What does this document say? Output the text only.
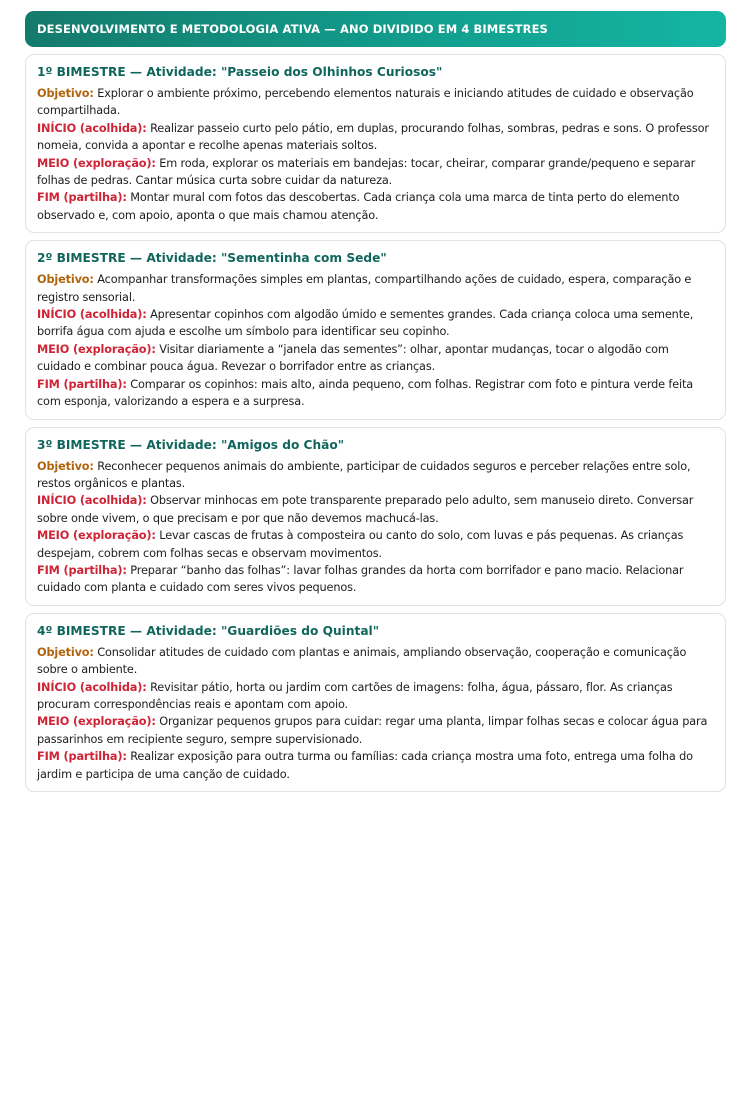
DESENVOLVIMENTO E METODOLOGIA ATIVA — ANO DIVIDIDO EM 4 BIMESTRES
1º BIMESTRE — Atividade: "Passeio dos Olhinhos Curiosos"

Objetivo: Explorar o ambiente próximo, percebendo elementos naturais e iniciando atitudes de cuidado e observação compartilhada.

INÍCIO (acolhida): Realizar passeio curto pelo pátio, em duplas, procurando folhas, sombras, pedras e sons. O professor nomeia, convida a apontar e recolhe apenas materiais soltos.

MEIO (exploração): Em roda, explorar os materiais em bandejas: tocar, cheirar, comparar grande/pequeno e separar folhas de pedras. Cantar música curta sobre cuidar da natureza.

FIM (partilha): Montar mural com fotos das descobertas. Cada criança cola uma marca de tinta perto do elemento observado e, com apoio, aponta o que mais chamou atenção.

2º BIMESTRE — Atividade: "Sementinha com Sede"

Objetivo: Acompanhar transformações simples em plantas, compartilhando ações de cuidado, espera, comparação e registro sensorial.

INÍCIO (acolhida): Apresentar copinhos com algodão úmido e sementes grandes. Cada criança coloca uma semente, borrifa água com ajuda e escolhe um símbolo para identificar seu copinho.

MEIO (exploração): Visitar diariamente a “janela das sementes”: olhar, apontar mudanças, tocar o algodão com cuidado e combinar pouca água. Revezar o borrifador entre as crianças.

FIM (partilha): Comparar os copinhos: mais alto, ainda pequeno, com folhas. Registrar com foto e pintura verde feita com esponja, valorizando a espera e a surpresa.

3º BIMESTRE — Atividade: "Amigos do Chão"

Objetivo: Reconhecer pequenos animais do ambiente, participar de cuidados seguros e perceber relações entre solo, restos orgânicos e plantas.

INÍCIO (acolhida): Observar minhocas em pote transparente preparado pelo adulto, sem manuseio direto. Conversar sobre onde vivem, o que precisam e por que não devemos machucá-las.

MEIO (exploração): Levar cascas de frutas à composteira ou canto do solo, com luvas e pás pequenas. As crianças despejam, cobrem com folhas secas e observam movimentos.

FIM (partilha): Preparar “banho das folhas”: lavar folhas grandes da horta com borrifador e pano macio. Relacionar cuidado com planta e cuidado com seres vivos pequenos.

4º BIMESTRE — Atividade: "Guardiões do Quintal"

Objetivo: Consolidar atitudes de cuidado com plantas e animais, ampliando observação, cooperação e comunicação sobre o ambiente.

INÍCIO (acolhida): Revisitar pátio, horta ou jardim com cartões de imagens: folha, água, pássaro, flor. As crianças procuram correspondências reais e apontam com apoio.

MEIO (exploração): Organizar pequenos grupos para cuidar: regar uma planta, limpar folhas secas e colocar água para passarinhos em recipiente seguro, sempre supervisionado.

FIM (partilha): Realizar exposição para outra turma ou famílias: cada criança mostra uma foto, entrega uma folha do jardim e participa de uma canção de cuidado.
